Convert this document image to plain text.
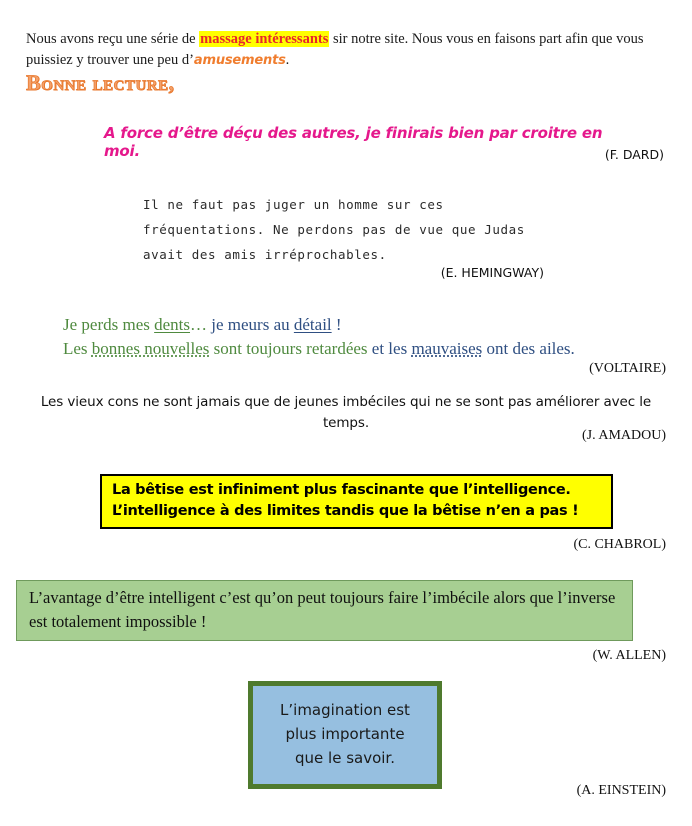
Nous avons reçu une série de massage intéressants sir notre site. Nous vous en faisons part afin que vous puissiez y trouver une peu d’amusements.

Bonne lecture,
A force d’être déçu des autres, je finirais bien par croitre en moi.	(F. DARD)
Il ne faut pas juger un homme sur ces
fréquentations. Ne perdons pas de vue que Judas
avait des amis irréprochables.
(E. HEMINGWAY)
Je perds mes dents… je meurs au détail !
Les bonnes nouvelles sont toujours retardées et les mauvaises ont des ailes.
(VOLTAIRE)
Les vieux cons ne sont jamais que de jeunes imbéciles qui ne se sont pas améliorer avec le temps.
(J. AMADOU)
La bêtise est infiniment plus fascinante que l’intelligence.
L’intelligence à des limites tandis que la bêtise n’en a pas !
(C. CHABROL)
L’avantage d’être intelligent c’est qu’on peut toujours faire l’imbécile alors que l’inverse est totalement impossible !
(W. ALLEN)
L’imagination est
plus importante
que le savoir.
(A. EINSTEIN)
